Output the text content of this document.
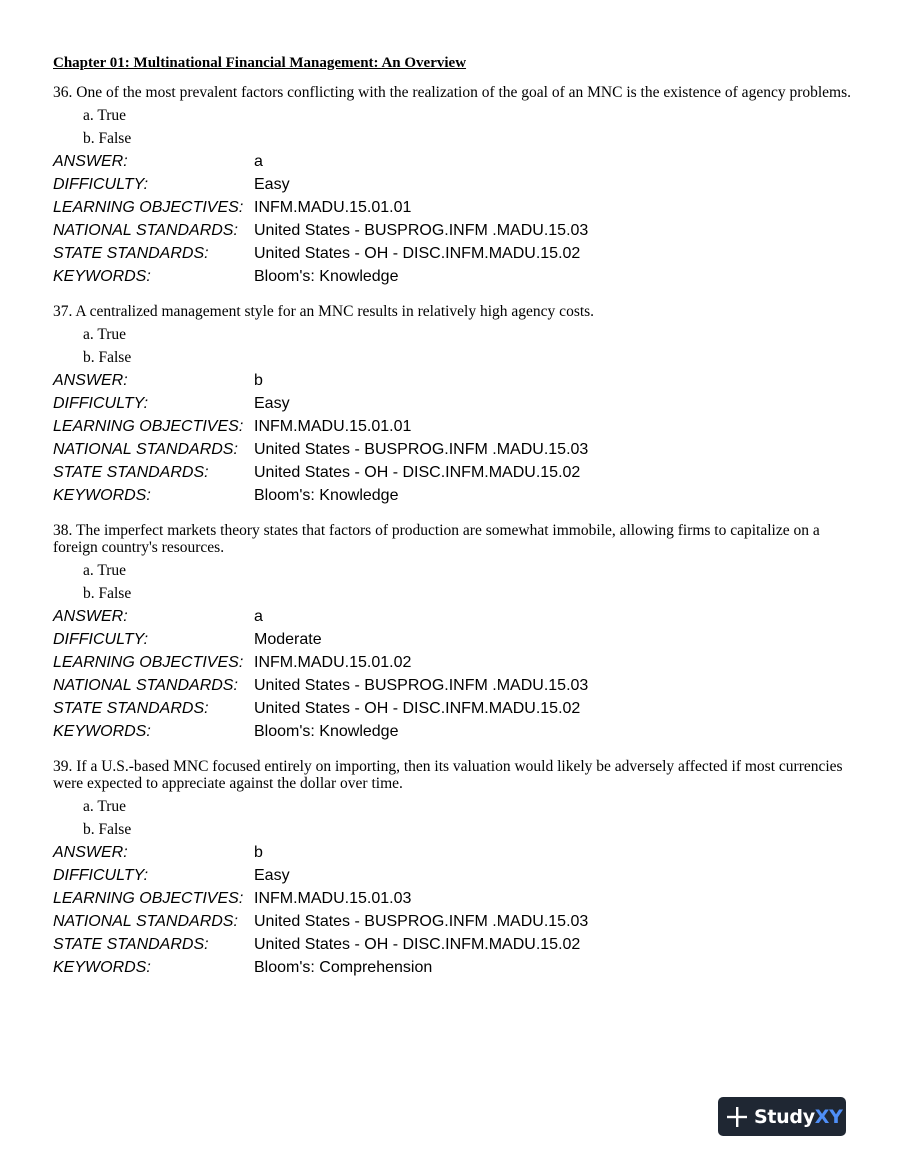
Chapter 01: Multinational Financial Management: An Overview
36. One of the most prevalent factors conflicting with the realization of the goal of an MNC is the existence of agency problems.
a. True
b. False
ANSWER:	a
DIFFICULTY:	Easy
LEARNING OBJECTIVES: INFM.MADU.15.01.01
NATIONAL STANDARDS:	United States - BUSPROG.INFM .MADU.15.03
STATE STANDARDS:	United States - OH - DISC.INFM.MADU.15.02
KEYWORDS:	Bloom's: Knowledge
37. A centralized management style for an MNC results in relatively high agency costs.
a. True
b. False
ANSWER:	b
DIFFICULTY:	Easy
LEARNING OBJECTIVES: INFM.MADU.15.01.01
NATIONAL STANDARDS:	United States - BUSPROG.INFM .MADU.15.03
STATE STANDARDS:	United States - OH - DISC.INFM.MADU.15.02
KEYWORDS:	Bloom's: Knowledge
38. The imperfect markets theory states that factors of production are somewhat immobile, allowing firms to capitalize on a foreign country's resources.
a. True
b. False
ANSWER:	a
DIFFICULTY:	Moderate
LEARNING OBJECTIVES: INFM.MADU.15.01.02
NATIONAL STANDARDS:	United States - BUSPROG.INFM .MADU.15.03
STATE STANDARDS:	United States - OH - DISC.INFM.MADU.15.02
KEYWORDS:	Bloom's: Knowledge
39. If a U.S.-based MNC focused entirely on importing, then its valuation would likely be adversely affected if most currencies were expected to appreciate against the dollar over time.
a. True
b. False
ANSWER:	b
DIFFICULTY:	Easy
LEARNING OBJECTIVES: INFM.MADU.15.01.03
NATIONAL STANDARDS:	United States - BUSPROG.INFM .MADU.15.03
STATE STANDARDS:	United States - OH - DISC.INFM.MADU.15.02
KEYWORDS:	Bloom's: Comprehension
StudyXY
